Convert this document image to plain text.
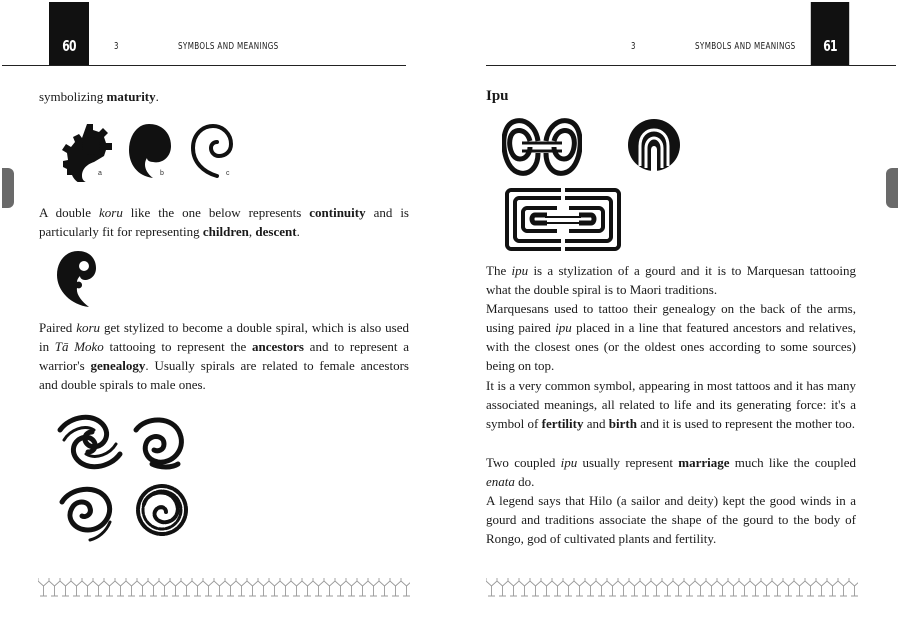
60	3	SYMBOLS AND MEANINGS

symbolizing maturity.

a	b	c

A double koru like the one below represents continuity and is particularly fit for representing children, descent.

Paired koru get stylized to become a double spiral, which is also used in Tā Moko tattooing to represent the ancestors and to represent a warrior's genealogy. Usually spirals are related to female ancestors and double spirals to male ones.

3	SYMBOLS AND MEANINGS 61
Ipu

The ipu is a stylization of a gourd and it is to Marquesan tattooing what the double spiral is to Maori traditions.

Marquesans used to tattoo their genealogy on the back of the arms, using paired ipu placed in a line that featured ancestors and relatives, with the closest ones (or the oldest ones according to some sources) being on top.

It is a very common symbol, appearing in most tattoos and it has many associated meanings, all related to life and its generating force: it's a symbol of fertility and birth and it is used to represent the mother too.

Two coupled ipu usually represent marriage much like the coupled enata do.

A legend says that Hilo (a sailor and deity) kept the good winds in a gourd and traditions associate the shape of the gourd to the body of Rongo, god of cultivated plants and fertility.
